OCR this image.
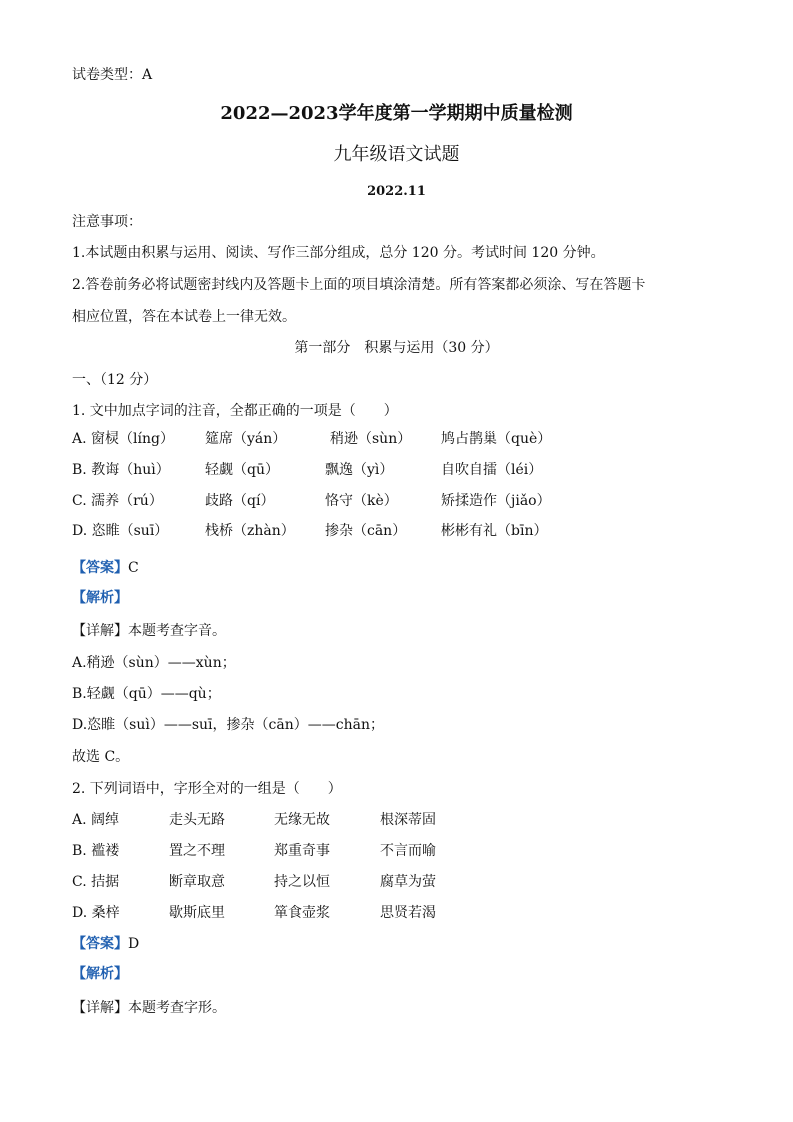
试卷类型：A
2022—2023学年度第一学期期中质量检测
九年级语文试题
2022.11
注意事项：
1.本试题由积累与运用、阅读、写作三部分组成，总分 120 分。考试时间 120 分钟。
2.答卷前务必将试题密封线内及答题卡上面的项目填涂清楚。所有答案都必须涂、写在答题卡
相应位置，答在本试卷上一律无效。
第一部分　积累与运用（30 分）
一、（12 分）
1. 文中加点字词的注音，全都正确的一项是（　　）
A. 窗棂（líng） 筵席（yán）	稍逊（sùn） 鸠占鹊巢（què）
B. 教诲（huì）	轻觑（qū）	飘逸（yì）	自吹自擂（léi）
C. 濡养（rú）	歧路（qí）	恪守（kè）	矫揉造作（jiǎo）
D. 恣睢（suī）	栈桥（zhàn） 掺杂（cān） 彬彬有礼（bīn）
【答案】C
【解析】
【详解】本题考查字音。
A.稍逊（sùn）——xùn；
B.轻觑（qū）——qù；
D.恣睢（suì）——suī，掺杂（cān）——chān；
故选 C。
2. 下列词语中，字形全对的一组是（　　）
A. 阔绰	走头无路	无缘无故	根深蒂固
B. 褴褛	置之不理	郑重奇事	不言而喻
C. 拮据	断章取意	持之以恒	腐草为萤
D. 桑梓	歇斯底里	箪食壶浆	思贤若渴
【答案】D
【解析】
【详解】本题考查字形。
